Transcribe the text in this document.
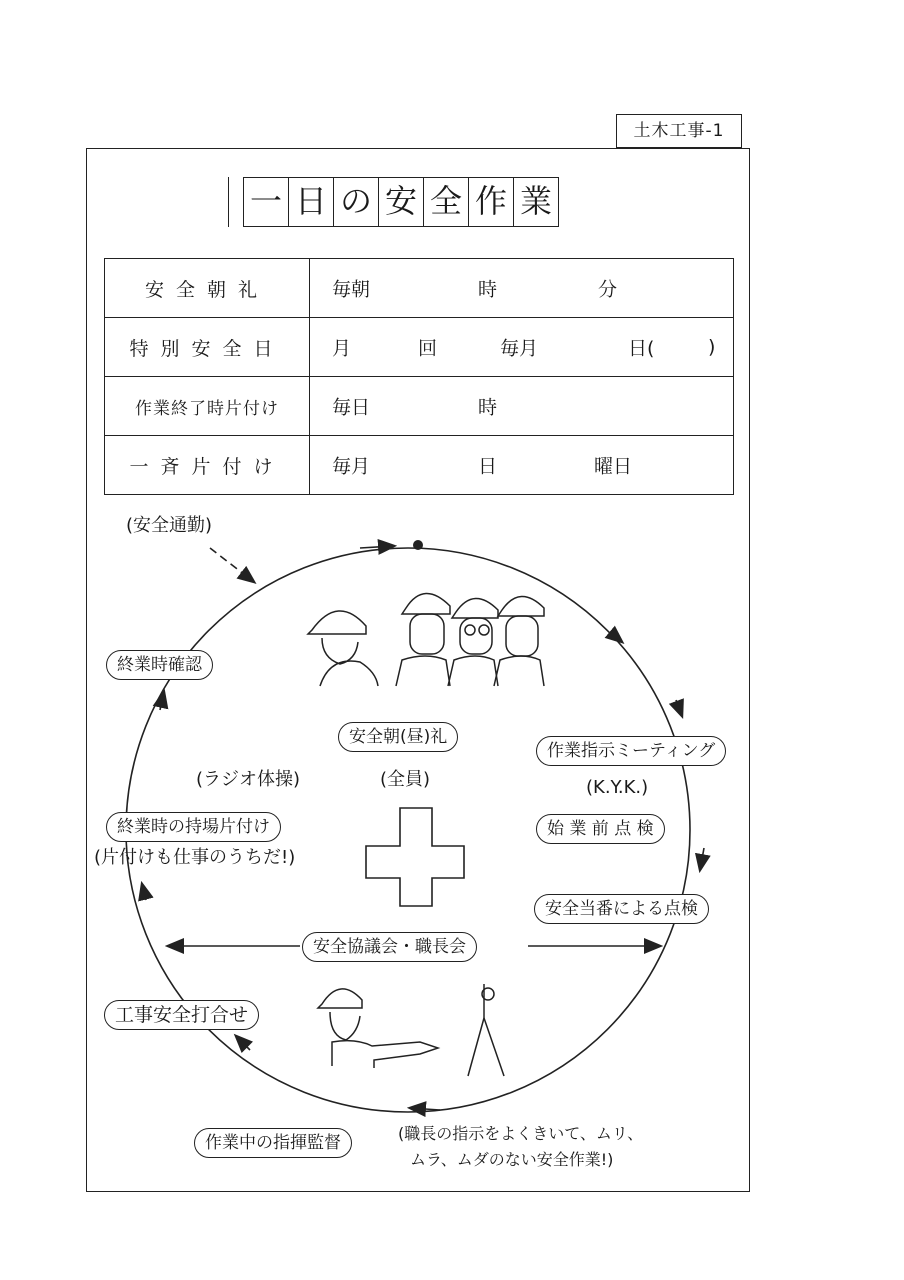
土木工事-1
一 日 の 安 全 作 業
安全朝礼	毎朝 時 分

特別安全日	月 回 毎月 日( )

作業終了時片付け	毎日 時

一斉片付け	毎月 日 曜日
(安全通勤)
終業時確認
安全朝(昼)礼
(ラジオ体操)	(全員)
作業指示ミーティング
(K.Y.K.)
始 業 前 点 検
安全当番による点検
終業時の持場片付け
(片付けも仕事のうちだ!)
安全協議会・職長会
工事安全打合せ
作業中の指揮監督	(職長の指示をよくきいて、ムリ、
ムラ、ムダのない安全作業!)
